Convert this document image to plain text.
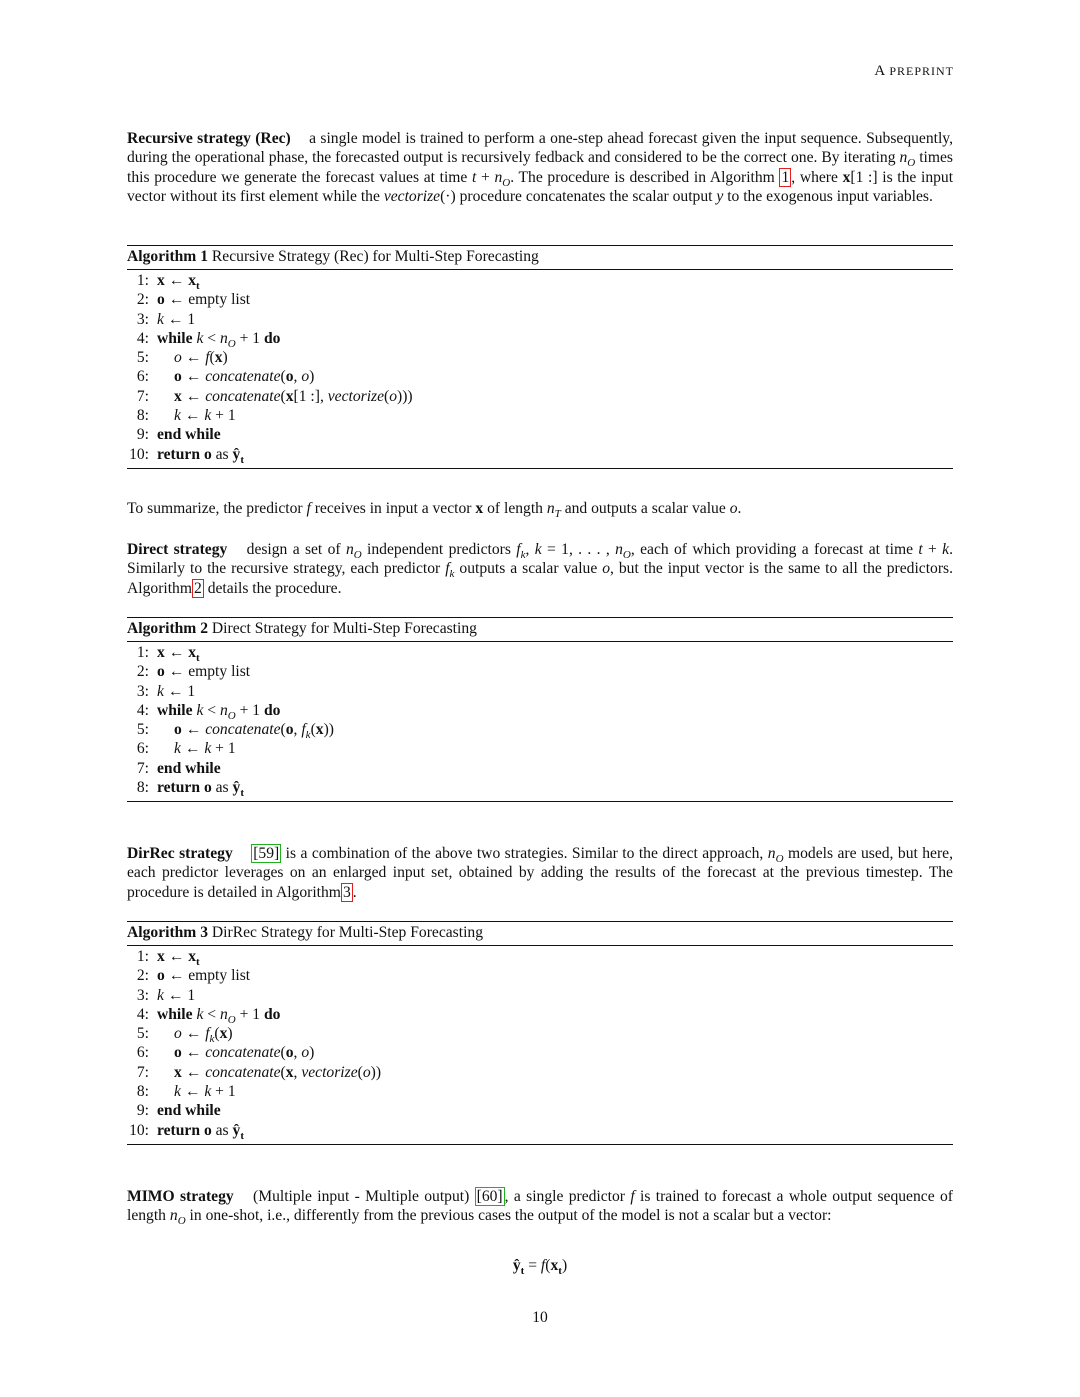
A PREPRINT

Recursive strategy (Rec) a single model is trained to perform a one-step ahead forecast given the input sequence. Subsequently, during the operational phase, the forecasted output is recursively fedback and considered to be the correct one. By iterating $n_O$ times this procedure we generate the forecast values at time $t + n_O$. The procedure is described in Algorithm 1 , where x[1 :] is the input vector without its first element while the vectorize(·) procedure concatenates the scalar output y to the exogenous input variables.

Algorithm 1 Recursive Strategy (Rec) for Multi-Step Forecasting
1: x ← $x_t$
2: o ← empty list
3: k ← 1
4: while $k < n_O + 1$ do
5: o ← f(x)
6: o ← concatenate(o, o)
7: x ← concatenate(x[1 :], vectorize(o)))
8: k ← k + 1
9: end while
10: return o as $ŷ_t$

To summarize, the predictor f receives in input a vector x of length $n_T$ and outputs a scalar value o.

Direct strategy design a set of $n_O$ independent predictors $f_k$, k = 1, . . . , $n_O$, each of which providing a forecast at time t + k. Similarly to the recursive strategy, each predictor $f_k$ outputs a scalar value o, but the input vector is the same to all the predictors. Algorithm 2 details the procedure.

Algorithm 2 Direct Strategy for Multi-Step Forecasting
1: x ← $x_t$
2: o ← empty list
3: k ← 1
4: while $k < n_O + 1$ do
5: o ← concatenate(o, $f_k(x)$)
6: k ← k + 1
7: end while
8: return o as $ŷ_t$

DirRec strategy [59] is a combination of the above two strategies. Similar to the direct approach, $n_O$ models are used, but here, each predictor leverages on an enlarged input set, obtained by adding the results of the forecast at the previous timestep. The procedure is detailed in Algorithm 3 .

Algorithm 3 DirRec Strategy for Multi-Step Forecasting
1: x ← $x_t$
2: o ← empty list
3: k ← 1
4: while $k < n_O + 1$ do
5: o ← $f_k(x)$
6: o ← concatenate(o, o)
7: x ← concatenate(x, vectorize(o))
8: k ← k + 1
9: end while
10: return o as $ŷ_t$

MIMO strategy (Multiple input - Multiple output) [60] , a single predictor f is trained to forecast a whole output sequence of length $n_O$ in one-shot, i.e., differently from the previous cases the output of the model is not a scalar but a vector:

$ŷ_t = f(x_t)$
10
